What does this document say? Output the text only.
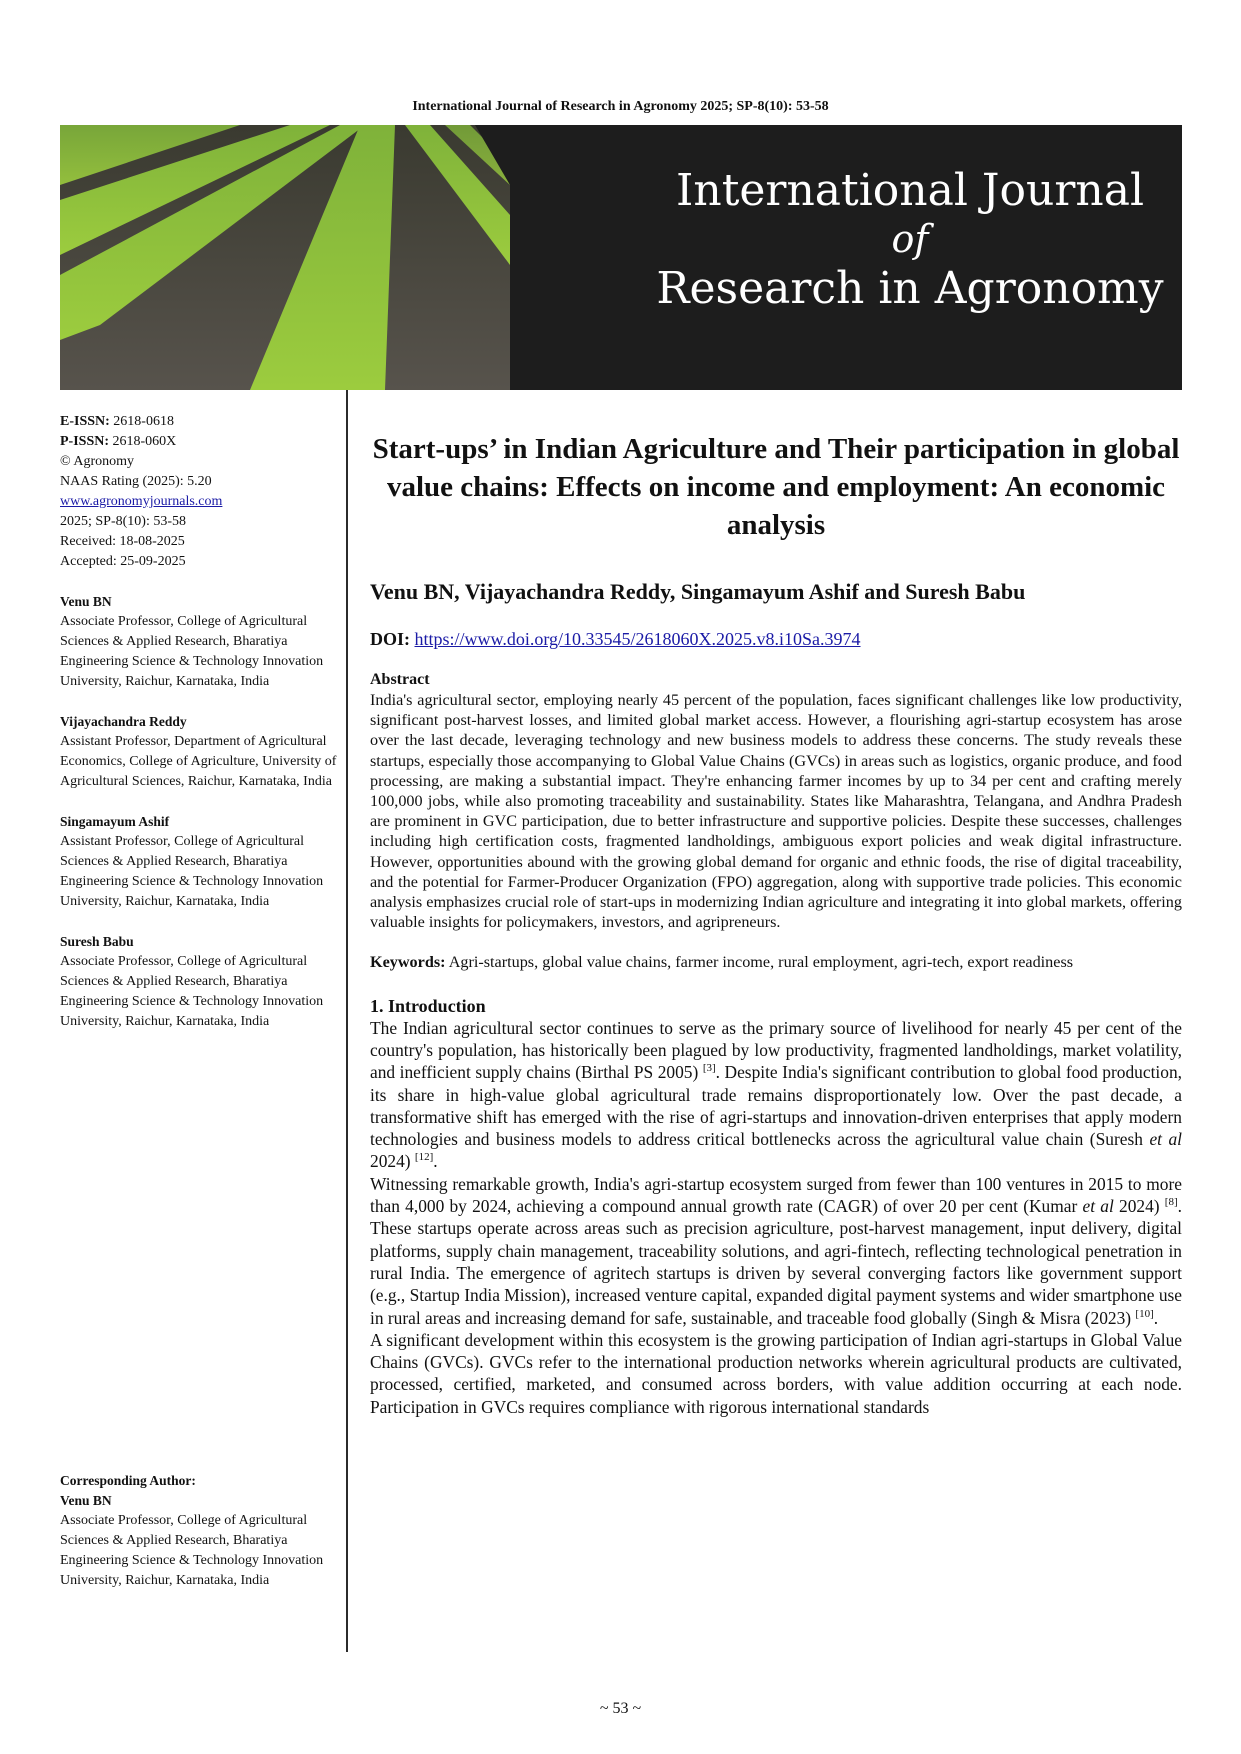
International Journal of Research in Agronomy 2025; SP-8(10): 53-58
International Journal
of
Research in Agronomy
E-ISSN: 2618-0618
P-ISSN: 2618-060X
© Agronomy
NAAS Rating (2025): 5.20
www.agronomyjournals.com
2025; SP-8(10): 53-58
Received: 18-08-2025
Accepted: 25-09-2025
Venu BN
Associate Professor, College of Agricultural Sciences & Applied Research, Bharatiya Engineering Science & Technology Innovation University, Raichur, Karnataka, India
Vijayachandra Reddy
Assistant Professor, Department of Agricultural Economics, College of Agriculture, University of Agricultural Sciences, Raichur, Karnataka, India
Singamayum Ashif
Assistant Professor, College of Agricultural Sciences & Applied Research, Bharatiya Engineering Science & Technology Innovation University, Raichur, Karnataka, India
Suresh Babu
Associate Professor, College of Agricultural Sciences & Applied Research, Bharatiya Engineering Science & Technology Innovation University, Raichur, Karnataka, India
Corresponding Author:
Venu BN
Associate Professor, College of Agricultural Sciences & Applied Research, Bharatiya Engineering Science & Technology Innovation University, Raichur, Karnataka, India
Start-ups’ in Indian Agriculture and Their participation in global value chains: Effects on income and employment: An economic analysis
Venu BN, Vijayachandra Reddy, Singamayum Ashif and Suresh Babu
DOI: https://www.doi.org/10.33545/2618060X.2025.v8.i10Sa.3974
Abstract

India's agricultural sector, employing nearly 45 percent of the population, faces significant challenges like low productivity, significant post-harvest losses, and limited global market access. However, a flourishing agri-startup ecosystem has arose over the last decade, leveraging technology and new business models to address these concerns. The study reveals these startups, especially those accompanying to Global Value Chains (GVCs) in areas such as logistics, organic produce, and food processing, are making a substantial impact. They're enhancing farmer incomes by up to 34 per cent and crafting merely 100,000 jobs, while also promoting traceability and sustainability. States like Maharashtra, Telangana, and Andhra Pradesh are prominent in GVC participation, due to better infrastructure and supportive policies. Despite these successes, challenges including high certification costs, fragmented landholdings, ambiguous export policies and weak digital infrastructure. However, opportunities abound with the growing global demand for organic and ethnic foods, the rise of digital traceability, and the potential for Farmer-Producer Organization (FPO) aggregation, along with supportive trade policies. This economic analysis emphasizes crucial role of start-ups in modernizing Indian agriculture and integrating it into global markets, offering valuable insights for policymakers, investors, and agripreneurs.

Keywords: Agri-startups, global value chains, farmer income, rural employment, agri-tech, export readiness
1. Introduction

The Indian agricultural sector continues to serve as the primary source of livelihood for nearly 45 per cent of the country's population, has historically been plagued by low productivity, fragmented landholdings, market volatility, and inefficient supply chains (Birthal PS 2005) [3]. Despite India's significant contribution to global food production, its share in high-value global agricultural trade remains disproportionately low. Over the past decade, a transformative shift has emerged with the rise of agri-startups and innovation-driven enterprises that apply modern technologies and business models to address critical bottlenecks across the agricultural value chain (Suresh et al 2024) [12].

Witnessing remarkable growth, India's agri-startup ecosystem surged from fewer than 100 ventures in 2015 to more than 4,000 by 2024, achieving a compound annual growth rate (CAGR) of over 20 per cent (Kumar et al 2024) [8]. These startups operate across areas such as precision agriculture, post-harvest management, input delivery, digital platforms, supply chain management, traceability solutions, and agri-fintech, reflecting technological penetration in rural India. The emergence of agritech startups is driven by several converging factors like government support (e.g., Startup India Mission), increased venture capital, expanded digital payment systems and wider smartphone use in rural areas and increasing demand for safe, sustainable, and traceable food globally (Singh & Misra (2023) [10].

A significant development within this ecosystem is the growing participation of Indian agri-startups in Global Value Chains (GVCs). GVCs refer to the international production networks wherein agricultural products are cultivated, processed, certified, marketed, and consumed across borders, with value addition occurring at each node. Participation in GVCs requires compliance with rigorous international standards

~ 53 ~
